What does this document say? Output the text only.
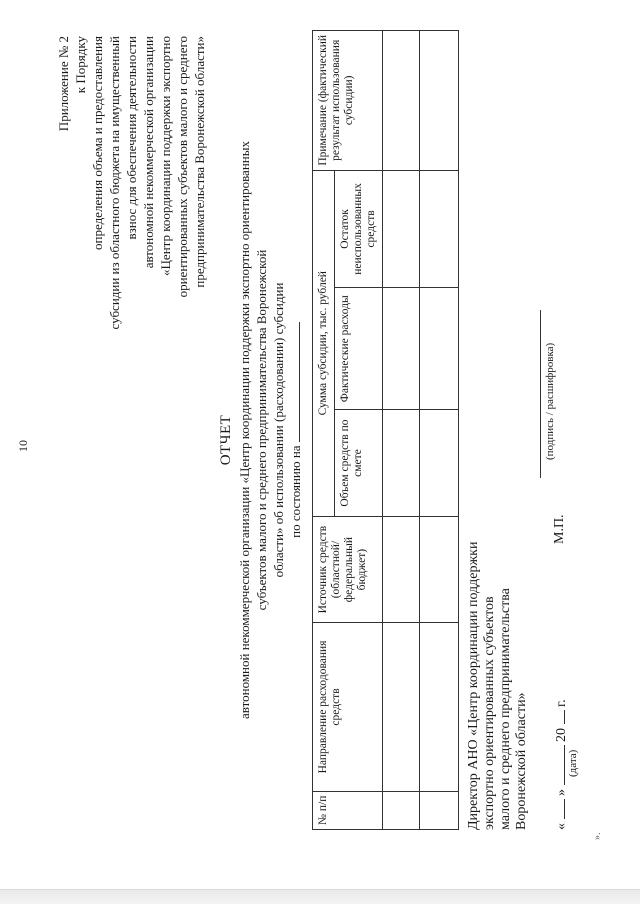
10
Приложение № 2 к Порядку определения объема и предоставления субсидии из областного бюджета на имущественный взнос для обеспечения деятельности автономной некоммерческой организации «Центр координации поддержки экспортно ориентированных субъектов малого и среднего предпринимательства Воронежской области»
ОТЧЕТ автономной некоммерческой организации «Центр координации поддержки экспортно ориентированных субъектов малого и среднего предпринимательства Воронежской области» об использовании (расходовании) субсидии по состоянию на
№ п/п	Направление расходования средств	Источник средств (областной/ федеральный бюджет)	Сумма субсидии, тыс. рублей			Примечание (фактический результат использования субсидии)
			Объем средств по смете	Фактические расходы	Остаток неиспользованных средств	

Директор АНО «Центр координации поддержки экспортно ориентированных субъектов малого и среднего предпринимательства Воронежской области»
М.П.
(подпись / расшифровка)
«  »  20  г.
(дата)
».
